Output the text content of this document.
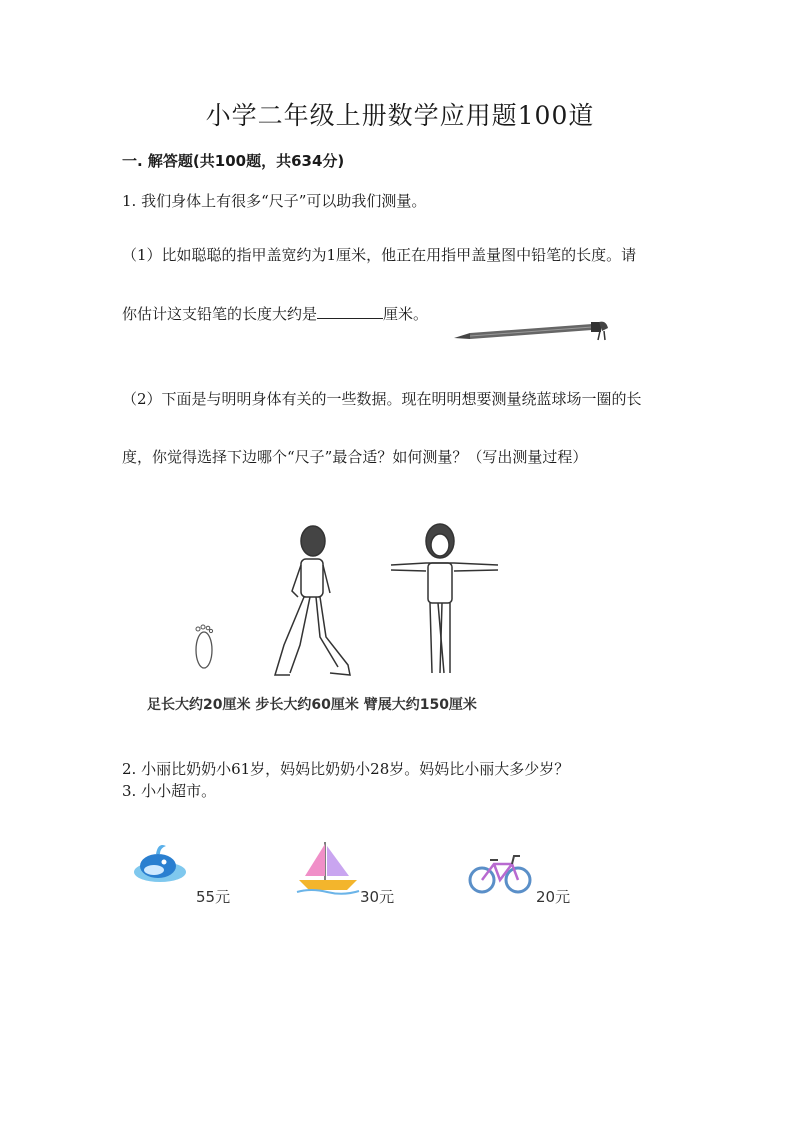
小学二年级上册数学应用题100道
一. 解答题(共100题，共634分)
1. 我们身体上有很多“尺子”可以助我们测量。
（1）比如聪聪的指甲盖宽约为1厘米，他正在用指甲盖量图中铅笔的长度。请
你估计这支铅笔的长度大约是	厘米。
（2）下面是与明明身体有关的一些数据。现在明明想要测量绕蓝球场一圈的长
度，你觉得选择下边哪个“尺子”最合适？如何测量？（写出测量过程）
足长大约20厘米 步长大约60厘米 臂展大约150厘米
2. 小丽比奶奶小61岁，妈妈比奶奶小28岁。妈妈比小丽大多少岁？
3. 小小超市。
55元	30元	20元
